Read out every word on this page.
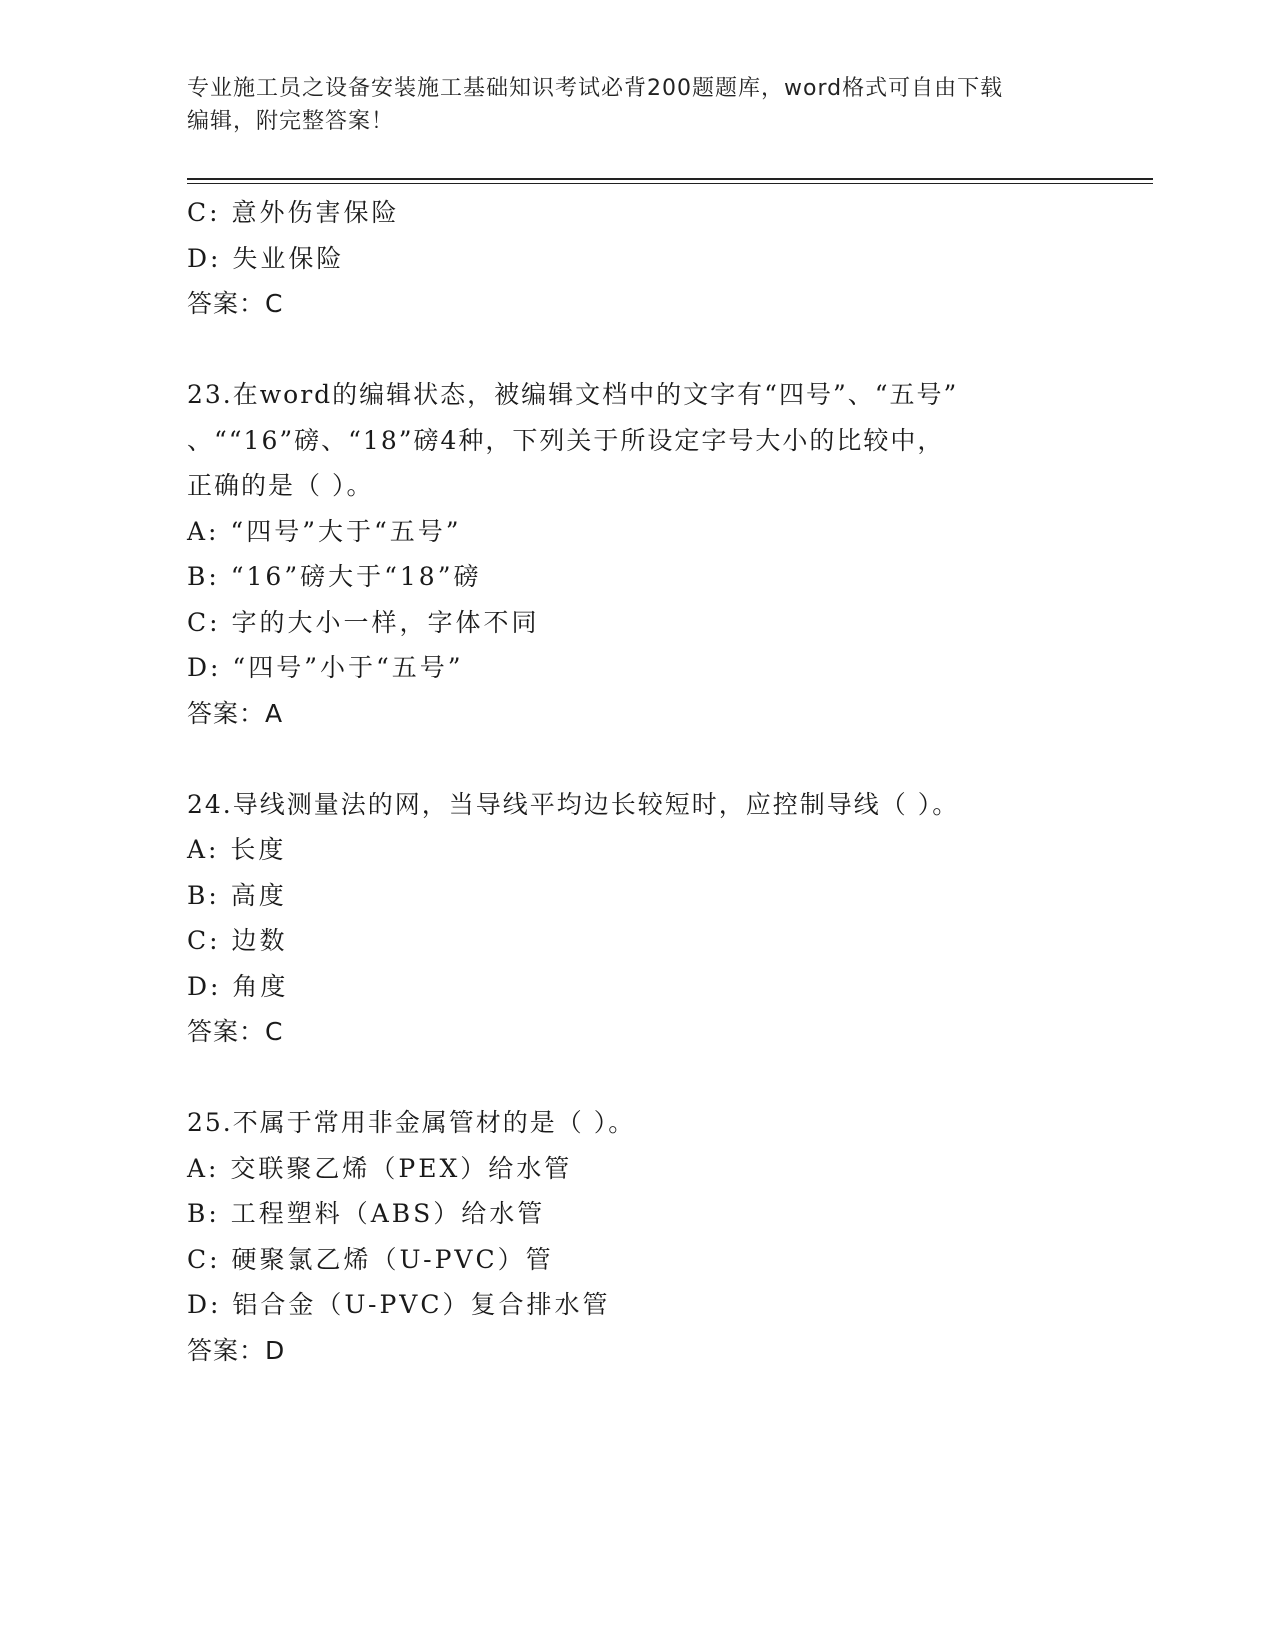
专业施工员之设备安装施工基础知识考试必背200题题库，word格式可自由下载
编辑，附完整答案！
C: 意外伤害保险
D: 失业保险
答案：C
23.在word的编辑状态，被编辑文档中的文字有“四号”、“五号”
、““16”磅、“18”磅4种，下列关于所设定字号大小的比较中，
正确的是（ ）。
A: “四号”大于“五号”
B: “16”磅大于“18”磅
C: 字的大小一样，字体不同
D: “四号”小于“五号”
答案：A
24.导线测量法的网，当导线平均边长较短时，应控制导线（ ）。
A: 长度
B: 高度
C: 边数
D: 角度
答案：C
25.不属于常用非金属管材的是（ ）。
A: 交联聚乙烯（PEX）给水管
B: 工程塑料（ABS）给水管
C: 硬聚氯乙烯（U-PVC）管
D: 铝合金（U-PVC）复合排水管
答案：D
